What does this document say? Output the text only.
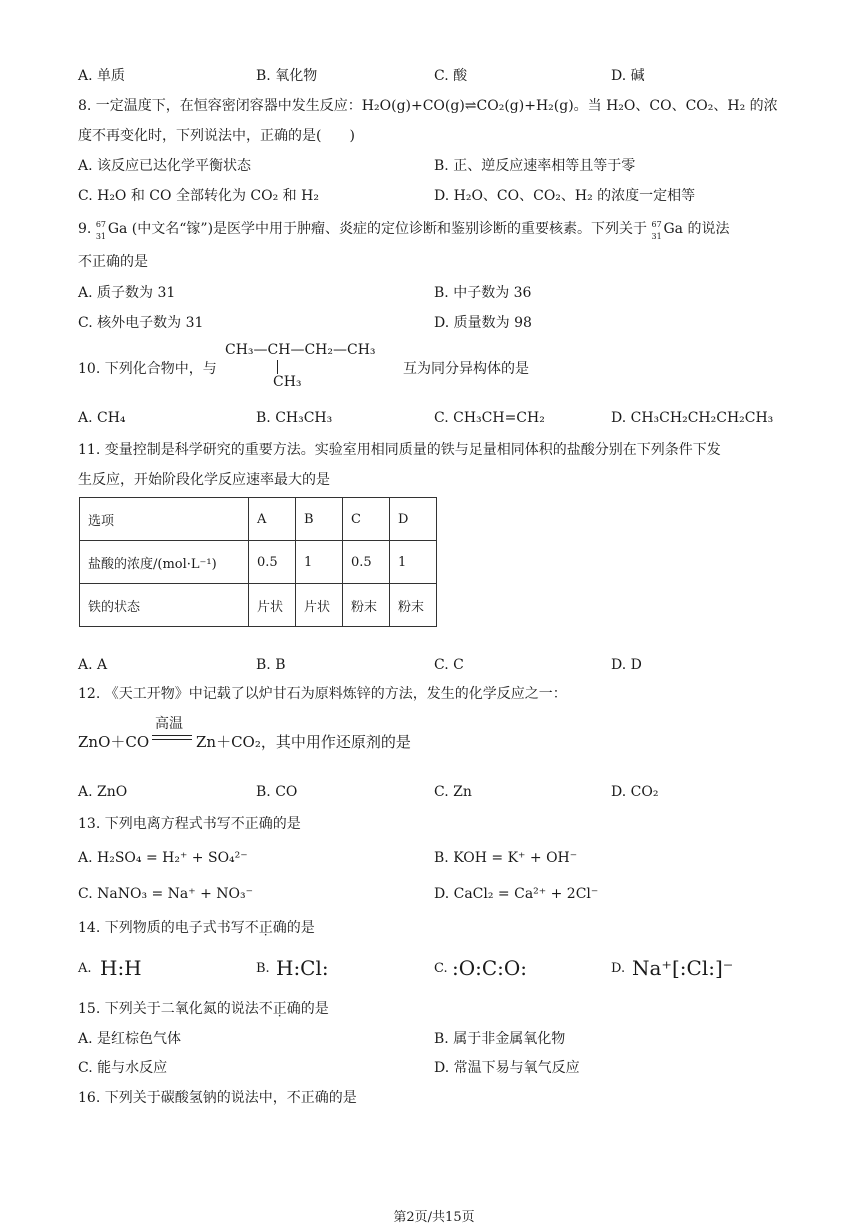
A. 单质	B. 氧化物	C. 酸	D. 碱
8. 一定温度下，在恒容密闭容器中发生反应：H₂O(g)+CO(g)⇌CO₂(g)+H₂(g)。当 H₂O、CO、CO₂、H₂ 的浓
度不再变化时，下列说法中，正确的是(　　)
A. 该反应已达化学平衡状态	B. 正、逆反应速率相等且等于零
C. H₂O 和 CO 全部转化为 CO₂ 和 H₂	D. H₂O、CO、CO₂、H₂ 的浓度一定相等
9. 67
31 Ga (中文名“镓”)是医学中用于肿瘤、炎症的定位诊断和鉴别诊断的重要核素。下列关于 67
31 Ga 的说法
不正确的是
A. 质子数为 31	B. 中子数为 36
C. 核外电子数为 31	D. 质量数为 98
10. 下列化合物中，与
CH₃—CH—CH₂—CH₃
CH₃
互为同分异构体的是
A. CH₄	B. CH₃CH₃	C. CH₃CH=CH₂	D. CH₃CH₂CH₂CH₂CH₃
11. 变量控制是科学研究的重要方法。实验室用相同质量的铁与足量相同体积的盐酸分别在下列条件下发
生反应，开始阶段化学反应速率最大的是
选项	A	B	C	D
盐酸的浓度/(mol·L⁻¹)	0.5	1	0.5	1
铁的状态	片状	片状	粉末	粉末
A. A	B. B	C. C	D. D
12. 《天工开物》中记载了以炉甘石为原料炼锌的方法，发生的化学反应之一：
ZnO＋CO
高温
Zn＋CO₂，其中用作还原剂的是
A. ZnO	B. CO	C. Zn	D. CO₂
13. 下列电离方程式书写不正确的是
A. H₂SO₄ = H₂⁺ + SO₄²⁻	B. KOH = K⁺ + OH⁻
C. NaNO₃ = Na⁺ + NO₃⁻	D. CaCl₂ = Ca²⁺ + 2Cl⁻
14. 下列物质的电子式书写不正确的是
A. H:H	B. H:Cl:	C. :O:C:O:	D. Na⁺[:Cl:]⁻
15. 下列关于二氧化氮的说法不正确的是
A. 是红棕色气体	B. 属于非金属氧化物
C. 能与水反应	D. 常温下易与氧气反应
16. 下列关于碳酸氢钠的说法中，不正确的是
第2页/共15页
